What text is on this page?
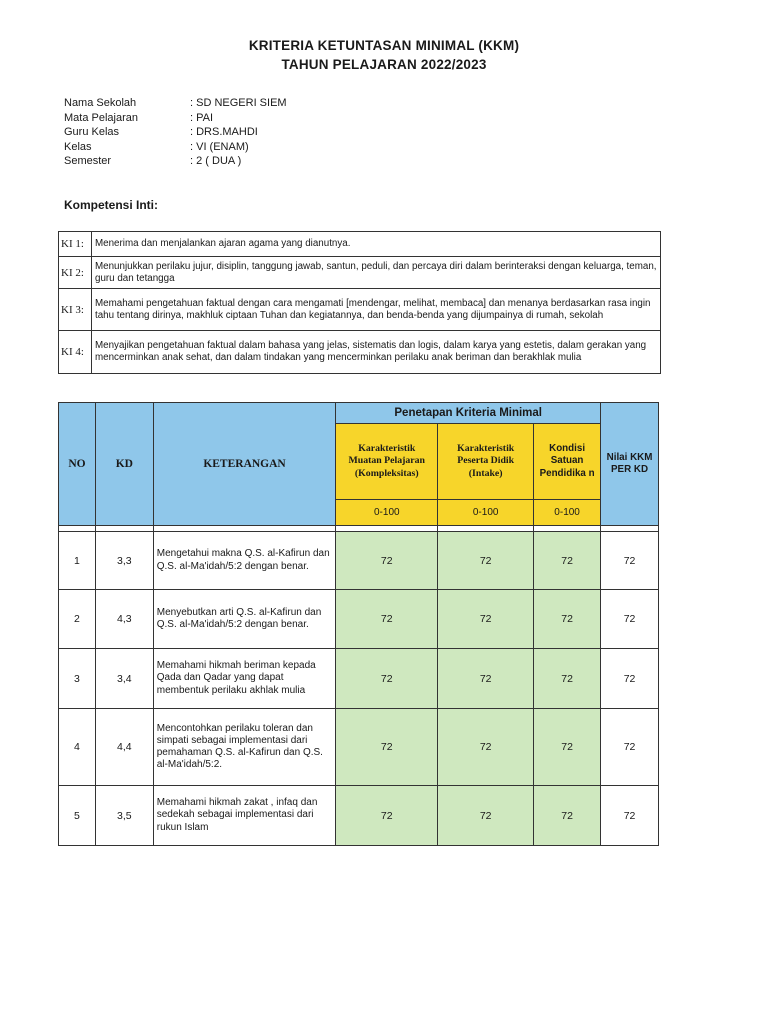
KRITERIA KETUNTASAN MINIMAL (KKM)
TAHUN PELAJARAN 2022/2023
Nama Sekolah	: SD NEGERI SIEM
Mata Pelajaran	: PAI
Guru Kelas	: DRS.MAHDI
Kelas	: VI (ENAM)
Semester	: 2 ( DUA )
Kompetensi Inti:
KI 1:	Menerima dan menjalankan ajaran agama yang dianutnya.
KI 2:	Menunjukkan perilaku jujur, disiplin, tanggung jawab, santun, peduli, dan percaya diri dalam berinteraksi dengan keluarga, teman, guru dan tetangga
KI 3:	Memahami pengetahuan faktual dengan cara mengamati [mendengar, melihat, membaca] dan menanya berdasarkan rasa ingin tahu tentang dirinya, makhluk ciptaan Tuhan dan kegiatannya, dan benda-benda yang dijumpainya di rumah, sekolah
KI 4:	Menyajikan pengetahuan faktual dalam bahasa yang jelas, sistematis dan logis, dalam karya yang estetis, dalam gerakan yang mencerminkan anak sehat, dan dalam tindakan yang mencerminkan perilaku anak beriman dan berakhlak mulia
NO	KD	KETERANGAN	Penetapan Kriteria Minimal			Nilai KKM PER KD
			Karakteristik Muatan Pelajaran (Kompleksitas)	Karakteristik Peserta Didik (Intake)	Kondisi Satuan Pendidika n	
			0-100	0-100	0-100	

1	3,3	Mengetahui makna Q.S. al-Kafirun dan Q.S. al-Ma'idah/5:2 dengan benar.	72	72	72	72
2	4,3	Menyebutkan arti Q.S. al-Kafirun dan Q.S. al-Ma'idah/5:2 dengan benar.	72	72	72	72
3	3,4	Memahami hikmah beriman kepada Qada dan Qadar yang dapat membentuk perilaku akhlak mulia	72	72	72	72
4	4,4	Mencontohkan perilaku toleran dan simpati sebagai implementasi dari pemahaman Q.S. al-Kafirun dan Q.S. al-Ma'idah/5:2.	72	72	72	72
5	3,5	Memahami hikmah zakat , infaq dan sedekah sebagai implementasi dari rukun Islam	72	72	72	72
